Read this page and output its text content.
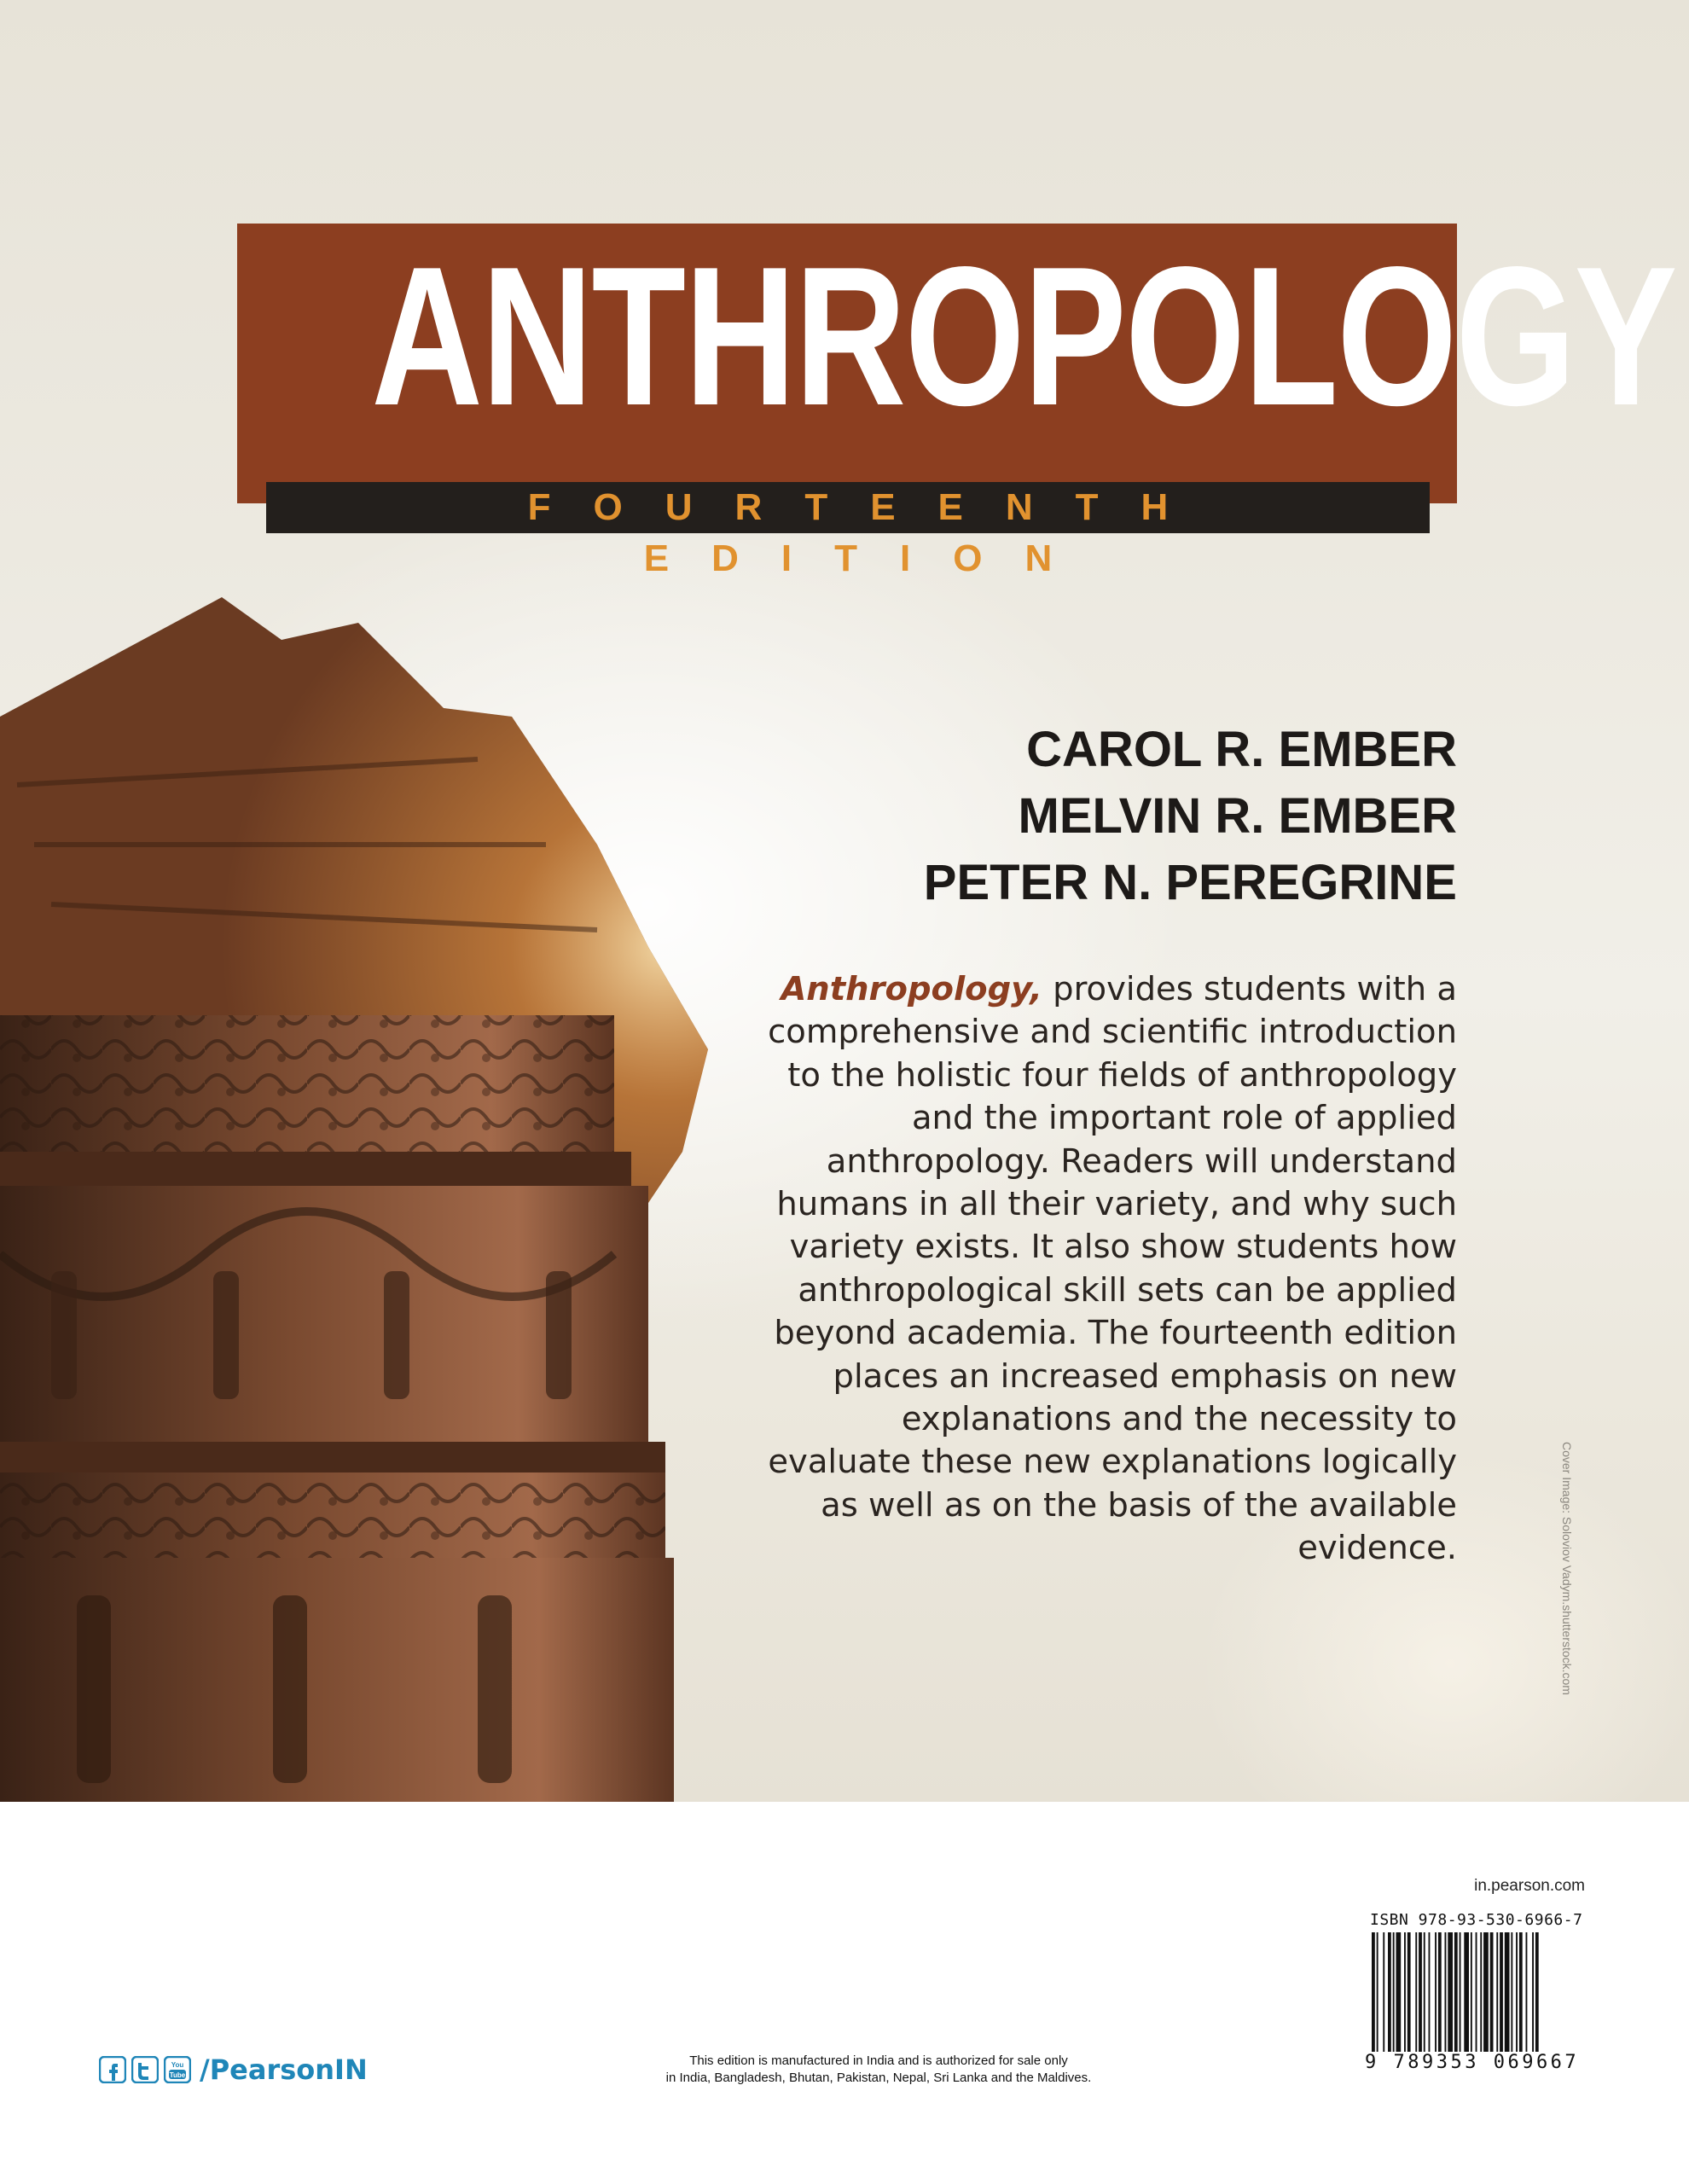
ANTHROPOLOGY
FOURTEENTH EDITION
CAROL R. EMBER
MELVIN R. EMBER
PETER N. PEREGRINE
Anthropology, provides students with a comprehensive and scientific introduction to the holistic four fields of anthropology and the important role of applied anthropology. Readers will understand humans in all their variety, and why such variety exists. It also show students how anthropological skill sets can be applied beyond academia. The fourteenth edition places an increased emphasis on new explanations and the necessity to evaluate these new explanations logically as well as on the basis of the available evidence.	Cover Image: Soloviov Vadym.shutterstock.com
in.pearson.com
ISBN 978-93-530-6966-7
9 789353 069667
You
Tube /PearsonIN	This edition is manufactured in India and is authorized for sale only
in India, Bangladesh, Bhutan, Pakistan, Nepal, Sri Lanka and the Maldives.
